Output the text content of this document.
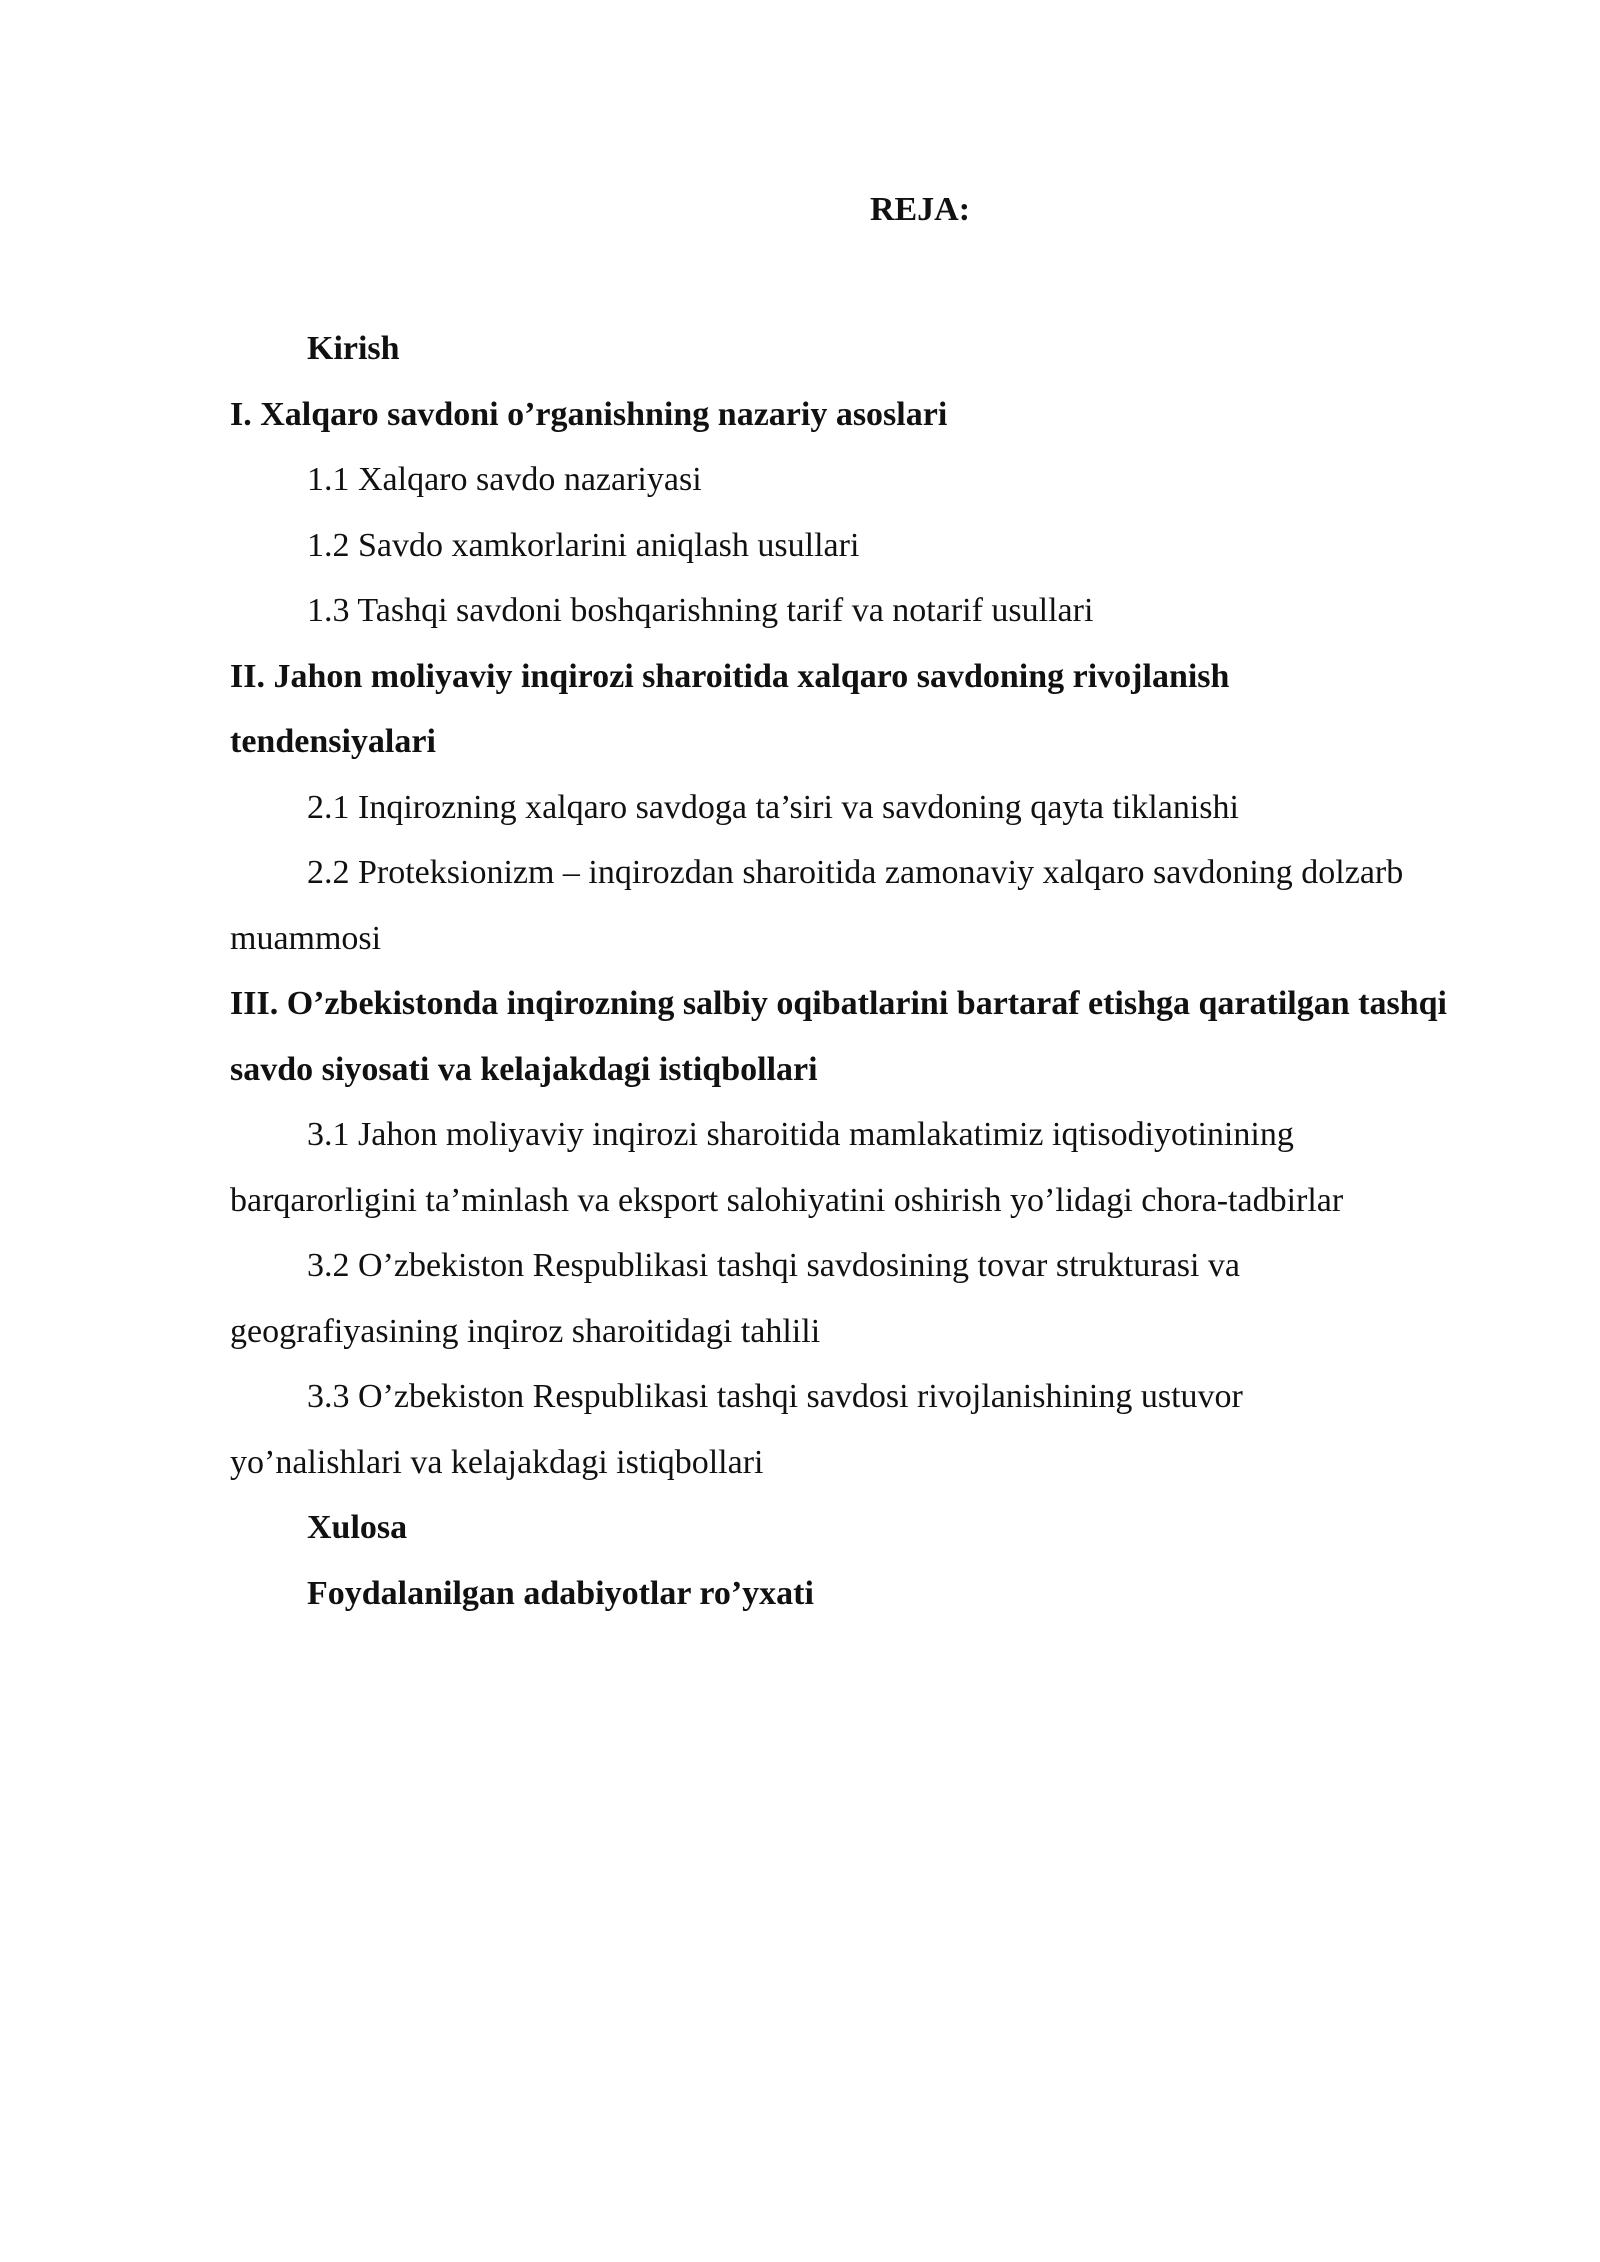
REJA:

Kirish

I. Xalqaro savdoni o’rganishning nazariy asoslari

1.1 Xalqaro savdo nazariyasi

1.2 Savdo xamkorlarini aniqlash usullari

1.3 Tashqi savdoni boshqarishning tarif va notarif usullari

II. Jahon moliyaviy inqirozi sharoitida xalqaro savdoning rivojlanish tendensiyalari

2.1 Inqirozning xalqaro savdoga ta’siri va savdoning qayta tiklanishi

2.2 Proteksionizm – inqirozdan sharoitida zamonaviy xalqaro savdoning dolzarb muammosi

III. O’zbekistonda inqirozning salbiy oqibatlarini bartaraf etishga qaratilgan tashqi savdo siyosati va kelajakdagi istiqbollari

3.1 Jahon moliyaviy inqirozi sharoitida mamlakatimiz iqtisodiyotinining barqarorligini ta’minlash va eksport salohiyatini oshirish yo’lidagi chora-tadbirlar

3.2 O’zbekiston Respublikasi tashqi savdosining tovar strukturasi va geografiyasining inqiroz sharoitidagi tahlili

3.3 O’zbekiston Respublikasi tashqi savdosi rivojlanishining ustuvor yo’nalishlari va kelajakdagi istiqbollari

Xulosa

Foydalanilgan adabiyotlar ro’yxati
